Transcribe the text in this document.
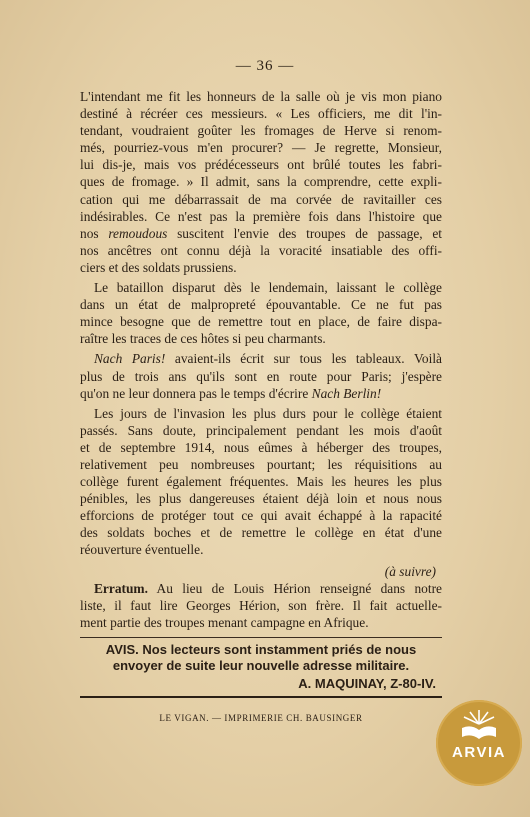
— 36 —

L'intendant me fit les honneurs de la salle où je vis mon piano
destiné à récréer ces messieurs. « Les officiers, me dit l'in-
tendant, voudraient goûter les fromages de Herve si renom-
més, pourriez-vous m'en procurer? — Je regrette, Monsieur,
lui dis-je, mais vos prédécesseurs ont brûlé toutes les fabri-
ques de fromage. » Il admit, sans la comprendre, cette expli-
cation qui me débarrassait de ma corvée de ravitailler ces
indésirables. Ce n'est pas la première fois dans l'histoire que
nos remoudous suscitent l'envie des troupes de passage, et
nos ancêtres ont connu déjà la voracité insatiable des offi-
ciers et des soldats prussiens.

Le bataillon disparut dès le lendemain, laissant le collège

dans un état de malpropreté épouvantable. Ce ne fut pas
mince besogne que de remettre tout en place, de faire dispa-
raître les traces de ces hôtes si peu charmants.

Nach Paris! avaient-ils écrit sur tous les tableaux. Voilà

plus de trois ans qu'ils sont en route pour Paris; j'espère
qu'on ne leur donnera pas le temps d'écrire Nach Berlin!

Les jours de l'invasion les plus durs pour le collège étaient

passés. Sans doute, principalement pendant les mois d'août
et de septembre 1914, nous eûmes à héberger des troupes,
relativement peu nombreuses pourtant; les réquisitions au
collège furent également fréquentes. Mais les heures les plus
pénibles, les plus dangereuses étaient déjà loin et nous nous
efforcions de protéger tout ce qui avait échappé à la rapacité
des soldats boches et de remettre le collège en état d'une
réouverture éventuelle.

(à suivre)

Erratum. Au lieu de Louis Hérion renseigné dans notre

liste, il faut lire Georges Hérion, son frère. Il fait actuelle-
ment partie des troupes menant campagne en Afrique.

AVIS. Nos lecteurs sont instamment priés de nous
envoyer de suite leur nouvelle adresse militaire.
A. MAQUINAY, Z-80-IV.
LE VIGAN. — IMPRIMERIE CH. BAUSINGER
ARVIA
